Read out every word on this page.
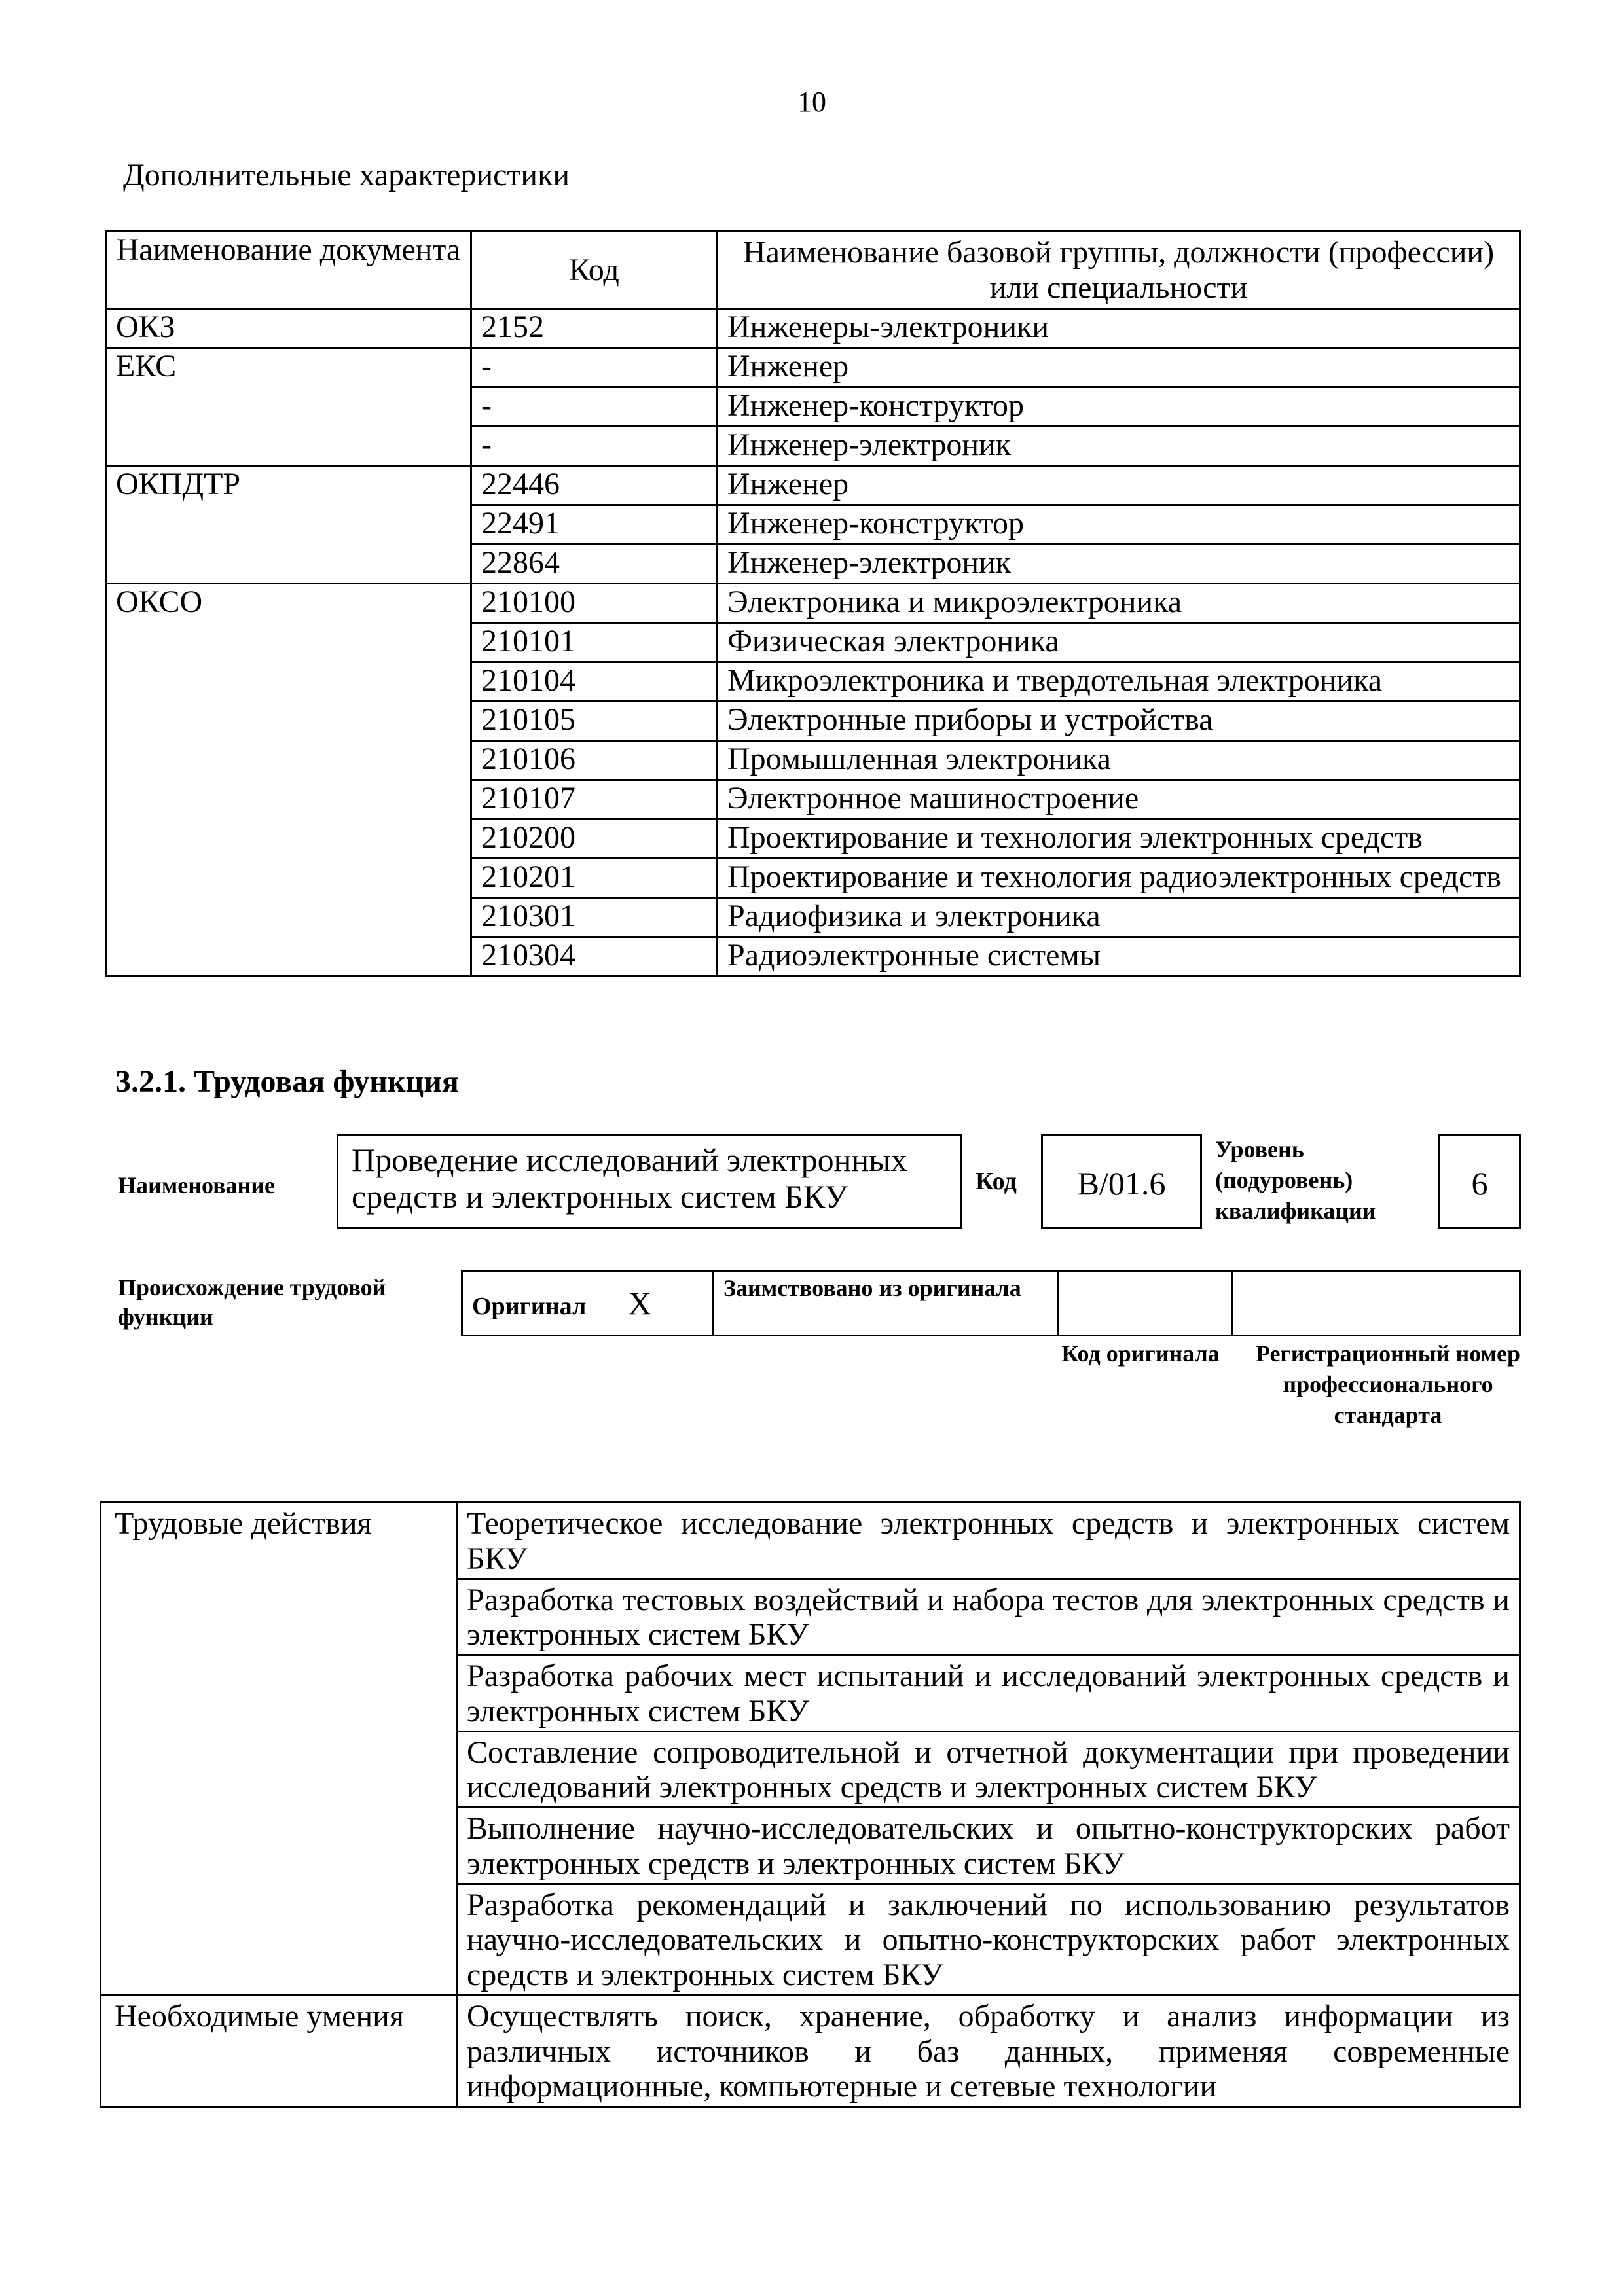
10
Дополнительные характеристики
Наименование документа	Код	Наименование базовой группы, должности (профессии) или специальности
ОКЗ	2152	Инженеры-электроники
ЕКС	-	Инженер
	-	Инженер-конструктор
	-	Инженер-электроник
ОКПДТР	22446	Инженер
	22491	Инженер-конструктор
	22864	Инженер-электроник
ОКСО	210100	Электроника и микроэлектроника
	210101	Физическая электроника
	210104	Микроэлектроника и твердотельная электроника
	210105	Электронные приборы и устройства
	210106	Промышленная электроника
	210107	Электронное машиностроение
	210200	Проектирование и технология электронных средств
	210201	Проектирование и технология радиоэлектронных средств
	210301	Радиофизика и электроника
	210304	Радиоэлектронные системы
3.2.1. Трудовая функция
Наименование
Проведение исследований электронных средств и электронных систем БКУ	Код	В/01.6
Уровень (подуровень) квалификации
6
Происхождение трудовой функции	Оригинал X	Заимствовано из оригинала		
Код оригинала	Регистрационный номер профессионального стандарта
Трудовые действия	Теоретическое исследование электронных средств и электронных систем БКУ
	Разработка тестовых воздействий и набора тестов для электронных средств и электронных систем БКУ
	Разработка рабочих мест испытаний и исследований электронных средств и электронных систем БКУ
	Составление сопроводительной и отчетной документации при проведении исследований электронных средств и электронных систем БКУ
	Выполнение научно-исследовательских и опытно-конструкторских работ электронных средств и электронных систем БКУ
	Разработка рекомендаций и заключений по использованию результатов научно-исследовательских и опытно-конструкторских работ электронных средств и электронных систем БКУ
Необходимые умения	Осуществлять поиск, хранение, обработку и анализ информации из различных источников и баз данных, применяя современные информационные, компьютерные и сетевые технологии
